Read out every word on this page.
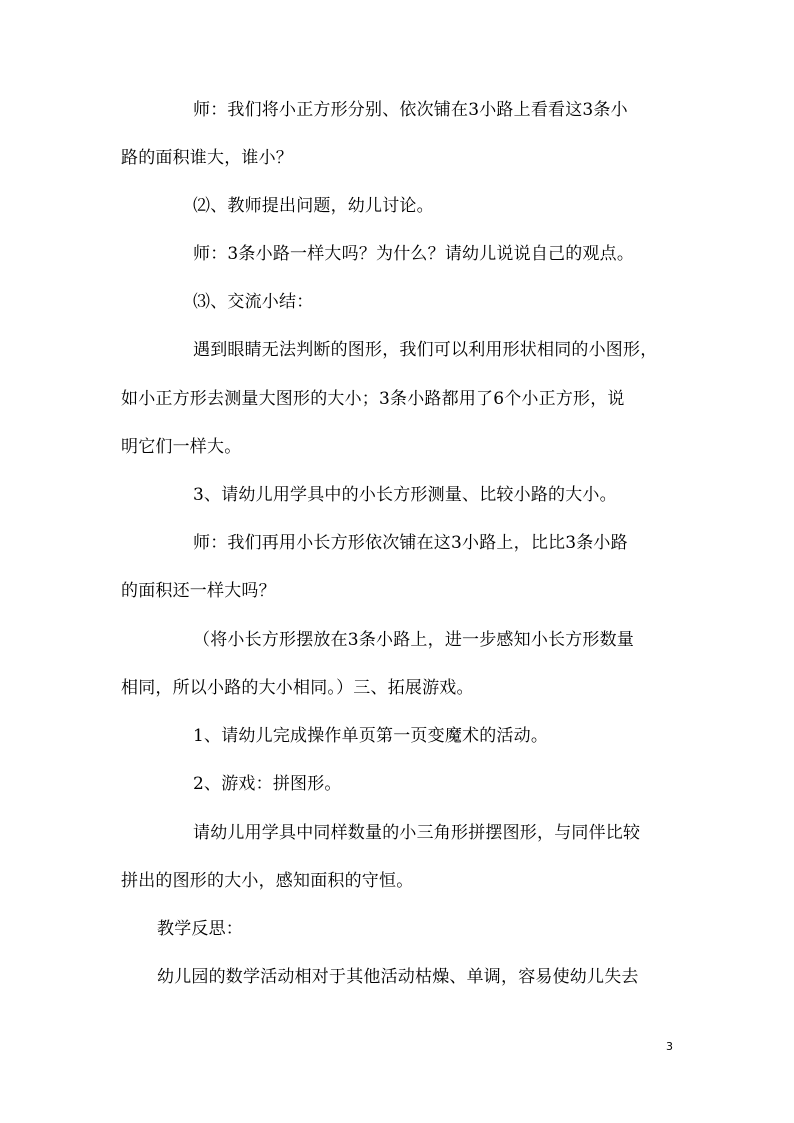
师：我们将小正方形分别、依次铺在3小路上看看这3条小
路的面积谁大，谁小？
⑵、教师提出问题，幼儿讨论。
师：3条小路一样大吗？为什么？请幼儿说说自己的观点。
⑶、交流小结：
遇到眼睛无法判断的图形，我们可以利用形状相同的小图形，
如小正方形去测量大图形的大小；3条小路都用了6个小正方形，说
明它们一样大。
3、请幼儿用学具中的小长方形测量、比较小路的大小。
师：我们再用小长方形依次铺在这3小路上，比比3条小路
的面积还一样大吗？
（将小长方形摆放在3条小路上，进一步感知小长方形数量
相同，所以小路的大小相同。）三、拓展游戏。
1、请幼儿完成操作单页第一页变魔术的活动。
2、游戏：拼图形。
请幼儿用学具中同样数量的小三角形拼摆图形，与同伴比较
拼出的图形的大小，感知面积的守恒。
教学反思：
幼儿园的数学活动相对于其他活动枯燥、单调，容易使幼儿失去
3
